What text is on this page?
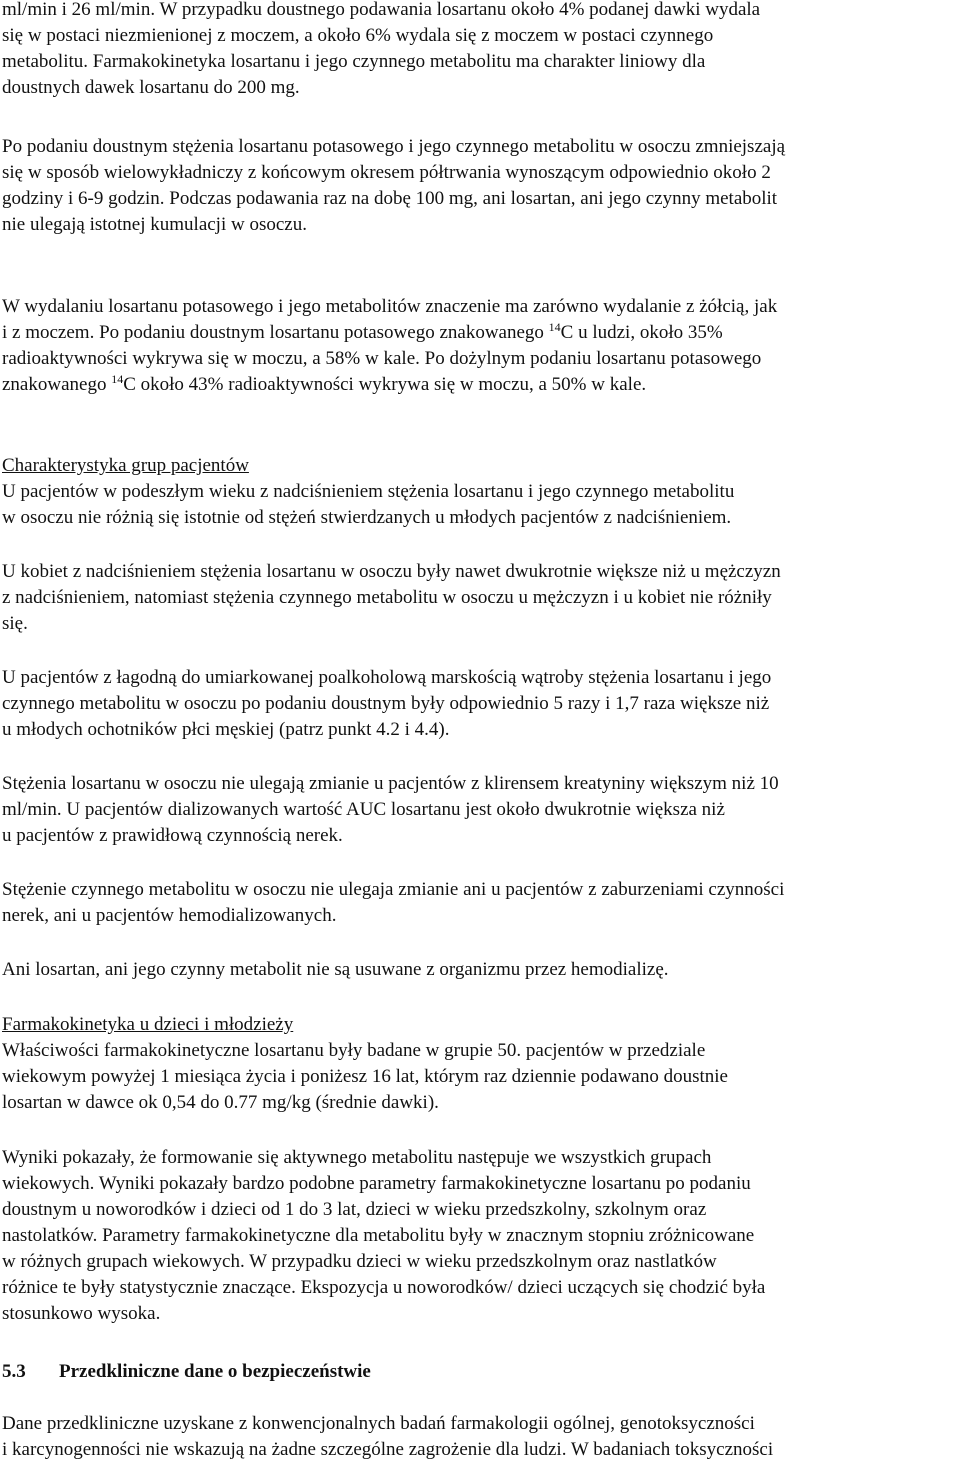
ml/min i 26 ml/min. W przypadku doustnego podawania losartanu około 4% podanej dawki wydala
się w postaci niezmienionej z moczem, a około 6% wydala się z moczem w postaci czynnego
metabolitu. Farmakokinetyka losartanu i jego czynnego metabolitu ma charakter liniowy dla
doustnych dawek losartanu do 200 mg.
Po podaniu doustnym stężenia losartanu potasowego i jego czynnego metabolitu w osoczu zmniejszają
się w sposób wielowykładniczy z końcowym okresem półtrwania wynoszącym odpowiednio około 2
godziny i 6-9 godzin. Podczas podawania raz na dobę 100 mg, ani losartan, ani jego czynny metabolit
nie ulegają istotnej kumulacji w osoczu.
W wydalaniu losartanu potasowego i jego metabolitów znaczenie ma zarówno wydalanie z żółcią, jak
i z moczem. Po podaniu doustnym losartanu potasowego znakowanego $^{14}$C u ludzi, około 35%
radioaktywności wykrywa się w moczu, a 58% w kale. Po dożylnym podaniu losartanu potasowego
znakowanego $^{14}$C około 43% radioaktywności wykrywa się w moczu, a 50% w kale.
Charakterystyka grup pacjentów
U pacjentów w podeszłym wieku z nadciśnieniem stężenia losartanu i jego czynnego metabolitu
w osoczu nie różnią się istotnie od stężeń stwierdzanych u młodych pacjentów z nadciśnieniem.
U kobiet z nadciśnieniem stężenia losartanu w osoczu były nawet dwukrotnie większe niż u mężczyzn
z nadciśnieniem, natomiast stężenia czynnego metabolitu w osoczu u mężczyzn i u kobiet nie różniły
się.
U pacjentów z łagodną do umiarkowanej poalkoholową marskością wątroby stężenia losartanu i jego
czynnego metabolitu w osoczu po podaniu doustnym były odpowiednio 5 razy i 1,7 raza większe niż
u młodych ochotników płci męskiej (patrz punkt 4.2 i 4.4).
Stężenia losartanu w osoczu nie ulegają zmianie u pacjentów z klirensem kreatyniny większym niż 10
ml/min. U pacjentów dializowanych wartość AUC losartanu jest około dwukrotnie większa niż
u pacjentów z prawidłową czynnością nerek.
Stężenie czynnego metabolitu w osoczu nie ulegaja zmianie ani u pacjentów z zaburzeniami czynności
nerek, ani u pacjentów hemodializowanych.
Ani losartan, ani jego czynny metabolit nie są usuwane z organizmu przez hemodializę.
Farmakokinetyka u dzieci i młodzieży
Właściwości farmakokinetyczne losartanu były badane w grupie 50. pacjentów w przedziale
wiekowym powyżej 1 miesiąca życia i poniżesz 16 lat, którym raz dziennie podawano doustnie
losartan w dawce ok 0,54 do 0.77 mg/kg (średnie dawki).
Wyniki pokazały, że formowanie się aktywnego metabolitu następuje we wszystkich grupach
wiekowych. Wyniki pokazały bardzo podobne parametry farmakokinetyczne losartanu po podaniu
doustnym u noworodków i dzieci od 1 do 3 lat, dzieci w wieku przedszkolny, szkolnym oraz
nastolatków. Parametry farmakokinetyczne dla metabolitu były w znacznym stopniu zróżnicowane
w różnych grupach wiekowych. W przypadku dzieci w wieku przedszkolnym oraz nastlatków
różnice te były statystycznie znaczące. Ekspozycja u noworodków/ dzieci uczących się chodzić była
stosunkowo wysoka.
5.3 Przedkliniczne dane o bezpieczeństwie
Dane przedkliniczne uzyskane z konwencjonalnych badań farmakologii ogólnej, genotoksyczności
i karcynogenności nie wskazują na żadne szczególne zagrożenie dla ludzi. W badaniach toksyczności
